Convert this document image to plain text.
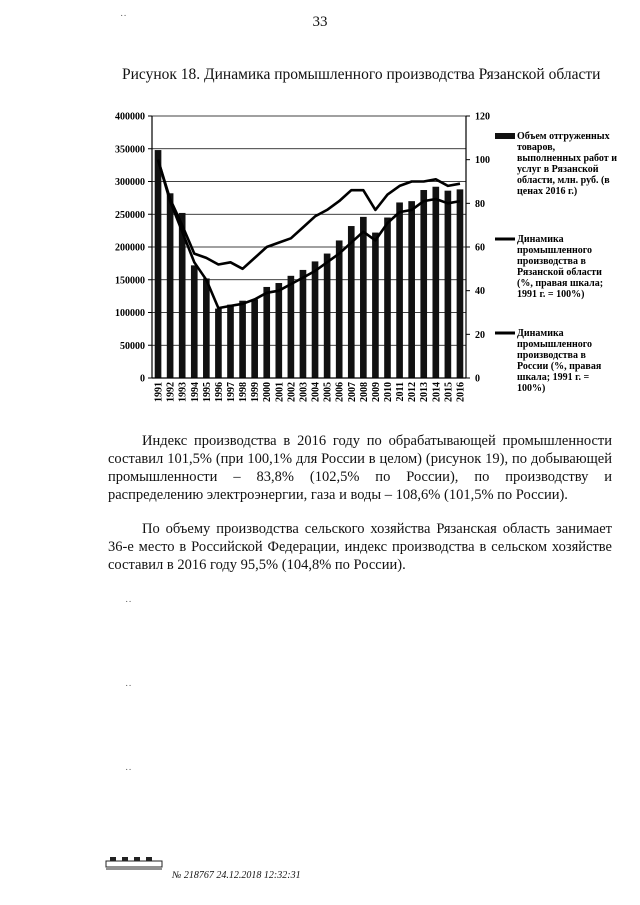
33
Рисунок 18. Динамика промышленного производства Рязанской области
0
50000
100000
150000
200000
250000
300000
350000
400000
0
20
40
60
80
100
120
1991 1992 1993 1994 1995 1996 1997 1998 1999 2000 2001 2002 2003 2004 2005 2006 2007 2008 2009 2010 2011 2012 2013 2014 2015 2016
Объем отгруженных
товаров,
выполненных работ и
услуг в Рязанской
области, млн. руб. (в
ценах 2016 г.)
Динамика
промышленного
производства в
Рязанской области
(%, правая шкала;
1991 г. = 100%)
Динамика
промышленного
производства в
России (%, правая
шкала; 1991 г. =
100%)
Индекс производства в 2016 году по обрабатывающей промышленности составил 101,5% (при 100,1% для России в целом) (рисунок 19), по добывающей промышленности – 83,8% (102,5% по России), по производству и распределению электроэнергии, газа и воды – 108,6% (101,5% по России).
По объему производства сельского хозяйства Рязанская область занимает 36-е место в Российской Федерации, индекс производства в сельском хозяйстве составил в 2016 году 95,5% (104,8% по России).
№ 218767 24.12.2018 12:32:31
˙˙
˙˙
˙˙
˙˙
